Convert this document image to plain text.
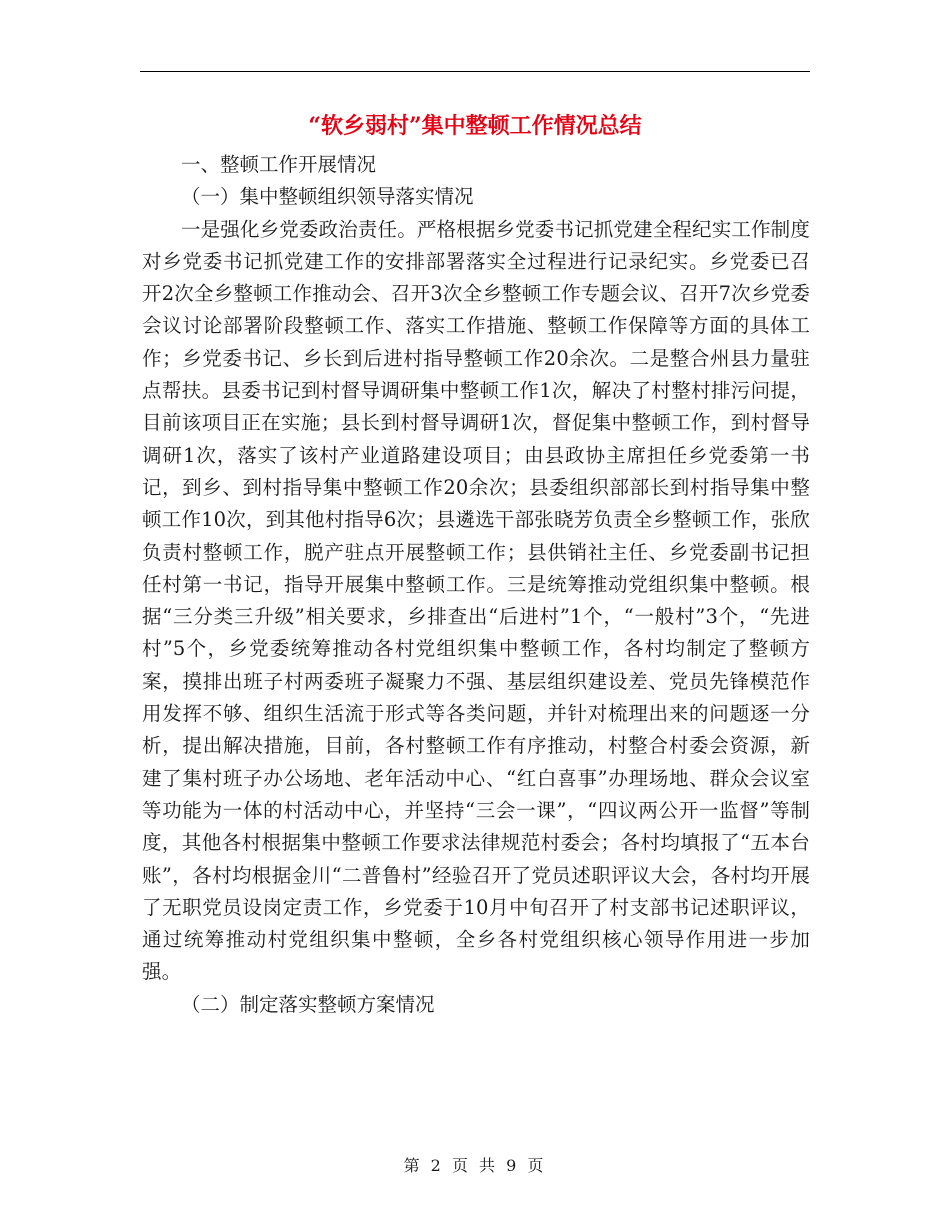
“软乡弱村”集中整顿工作情况总结

一、整顿工作开展情况

（一）集中整顿组织领导落实情况

一是强化乡党委政治责任。严格根据乡党委书记抓党建全程纪实工作制度对乡党委书记抓党建工作的安排部署落实全过程进行记录纪实。乡党委已召开2次全乡整顿工作推动会、召开3次全乡整顿工作专题会议、召开7次乡党委会议讨论部署阶段整顿工作、落实工作措施、整顿工作保障等方面的具体工作；乡党委书记、乡长到后进村指导整顿工作20余次。二是整合州县力量驻点帮扶。县委书记到村督导调研集中整顿工作1次，解决了村整村排污问提，目前该项目正在实施；县长到村督导调研1次，督促集中整顿工作，到村督导调研1次，落实了该村产业道路建设项目；由县政协主席担任乡党委第一书记，到乡、到村指导集中整顿工作20余次；县委组织部部长到村指导集中整顿工作10次，到其他村指导6次；县遴选干部张晓芳负责全乡整顿工作，张欣负责村整顿工作，脱产驻点开展整顿工作；县供销社主任、乡党委副书记担任村第一书记，指导开展集中整顿工作。三是统筹推动党组织集中整顿。根据“三分类三升级”相关要求，乡排查出“后进村”1个，“一般村”3个，“先进村”5个，乡党委统筹推动各村党组织集中整顿工作，各村均制定了整顿方案，摸排出班子村两委班子凝聚力不强、基层组织建设差、党员先锋模范作用发挥不够、组织生活流于形式等各类问题，并针对梳理出来的问题逐一分析，提出解决措施，目前，各村整顿工作有序推动，村整合村委会资源，新建了集村班子办公场地、老年活动中心、“红白喜事”办理场地、群众会议室等功能为一体的村活动中心，并坚持“三会一课”，“四议两公开一监督”等制度，其他各村根据集中整顿工作要求法律规范村委会；各村均填报了“五本台账”，各村均根据金川“二普鲁村”经验召开了党员述职评议大会，各村均开展了无职党员设岗定责工作，乡党委于10月中旬召开了村支部书记述职评议，通过统筹推动村党组织集中整顿，全乡各村党组织核心领导作用进一步加强。

（二）制定落实整顿方案情况

第 2 页 共 9 页
